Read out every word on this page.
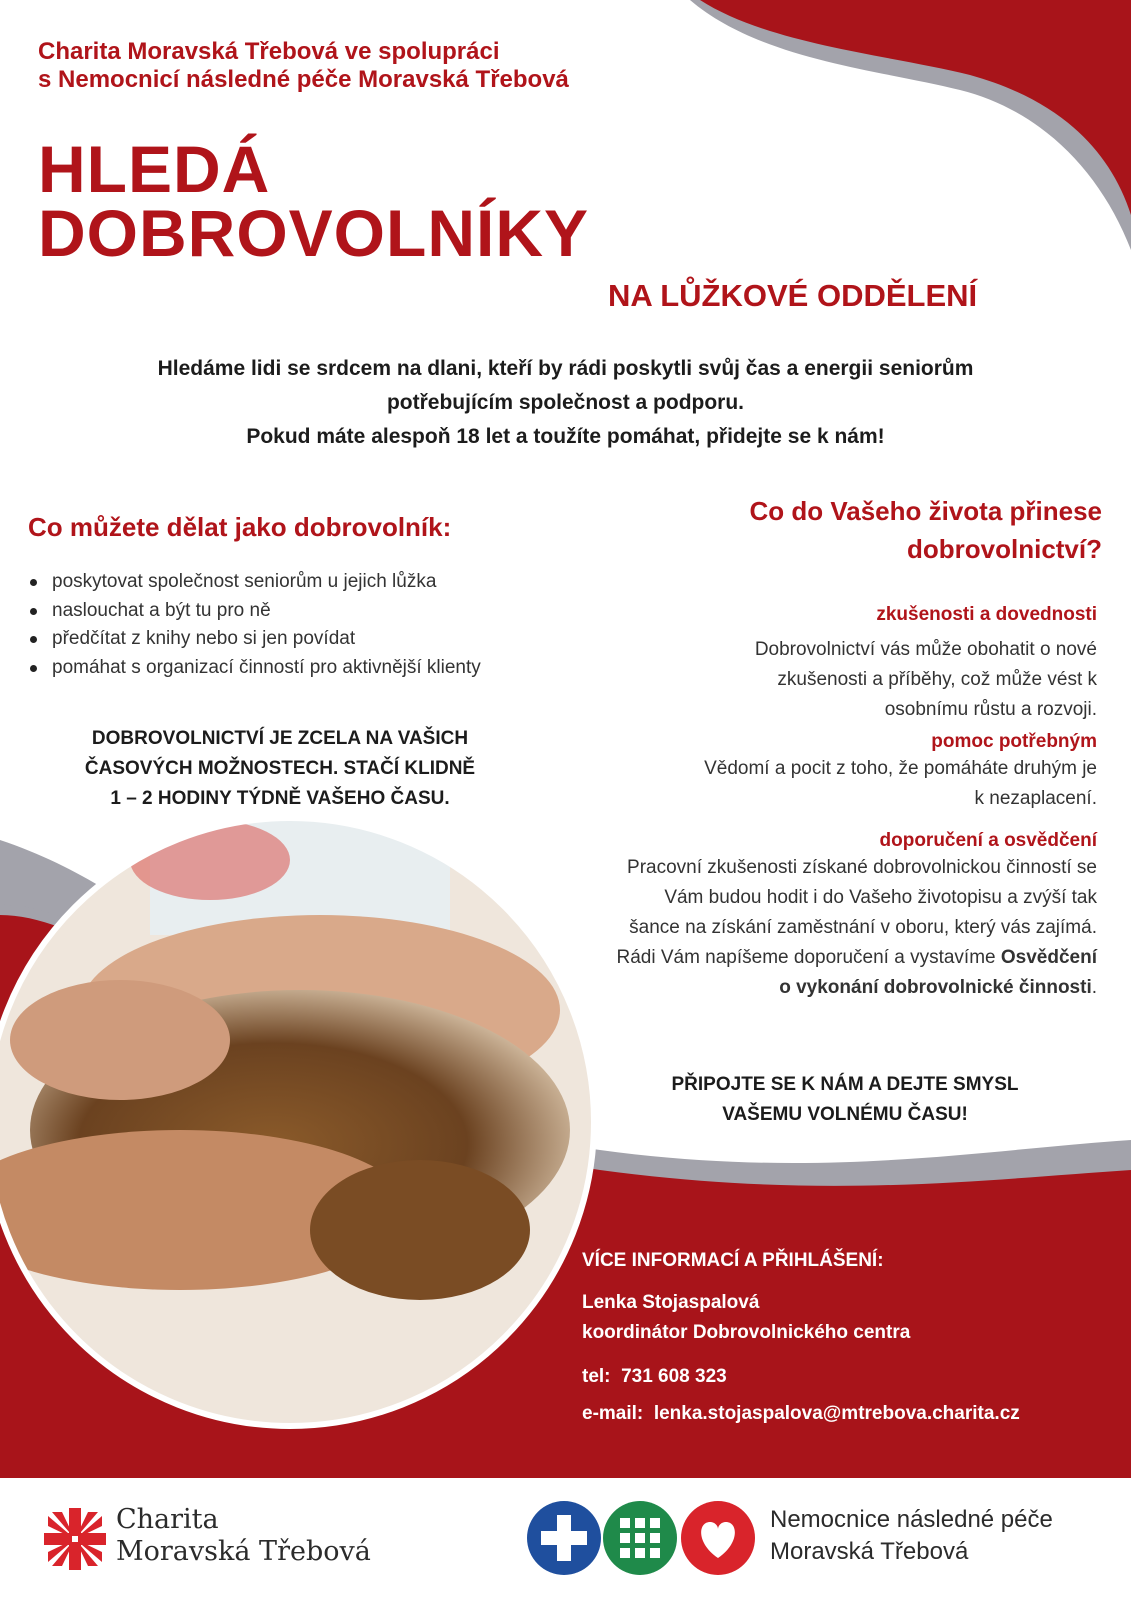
Charita Moravská Třebová ve spolupráci
s Nemocnicí následné péče Moravská Třebová
HLEDÁ
DOBROVOLNÍKY
NA LŮŽKOVÉ ODDĚLENÍ
Hledáme lidi se srdcem na dlani, kteří by rádi poskytli svůj čas a energii seniorům
potřebujícím společnost a podporu.
Pokud máte alespoň 18 let a toužíte pomáhat, přidejte se k nám!
Co můžete dělat jako dobrovolník:
poskytovat společnost seniorům u jejich lůžka
naslouchat a být tu pro ně
předčítat z knihy nebo si jen povídat
pomáhat s organizací činností pro aktivnější klienty
DOBROVOLNICTVÍ JE ZCELA NA VAŠICH
ČASOVÝCH MOŽNOSTECH. STAČÍ KLIDNĚ
1 – 2 HODINY TÝDNĚ VAŠEHO ČASU.
Co do Vašeho života přinese
dobrovolnictví?
zkušenosti a dovednosti
Dobrovolnictví vás může obohatit o nové
zkušenosti a příběhy, což může vést k
osobnímu růstu a rozvoji.
pomoc potřebným
Vědomí a pocit z toho, že pomáháte druhým je
k nezaplacení.
doporučení a osvědčení
Pracovní zkušenosti získané dobrovolnickou činností se
Vám budou hodit i do Vašeho životopisu a zvýší tak
šance na získání zaměstnání v oboru, který vás zajímá.
Rádi Vám napíšeme doporučení a vystavíme Osvědčení
o vykonání dobrovolnické činnosti.
PŘIPOJTE SE K NÁM A DEJTE SMYSL
VAŠEMU VOLNÉMU ČASU!
VÍCE INFORMACÍ A PŘIHLÁŠENÍ:
Lenka Stojaspalová
koordinátor Dobrovolnického centra
tel: 731 608 323
e-mail: lenka.stojaspalova@mtrebova.charita.cz
Charita
Moravská Třebová
Nemocnice následné péče
Moravská Třebová
